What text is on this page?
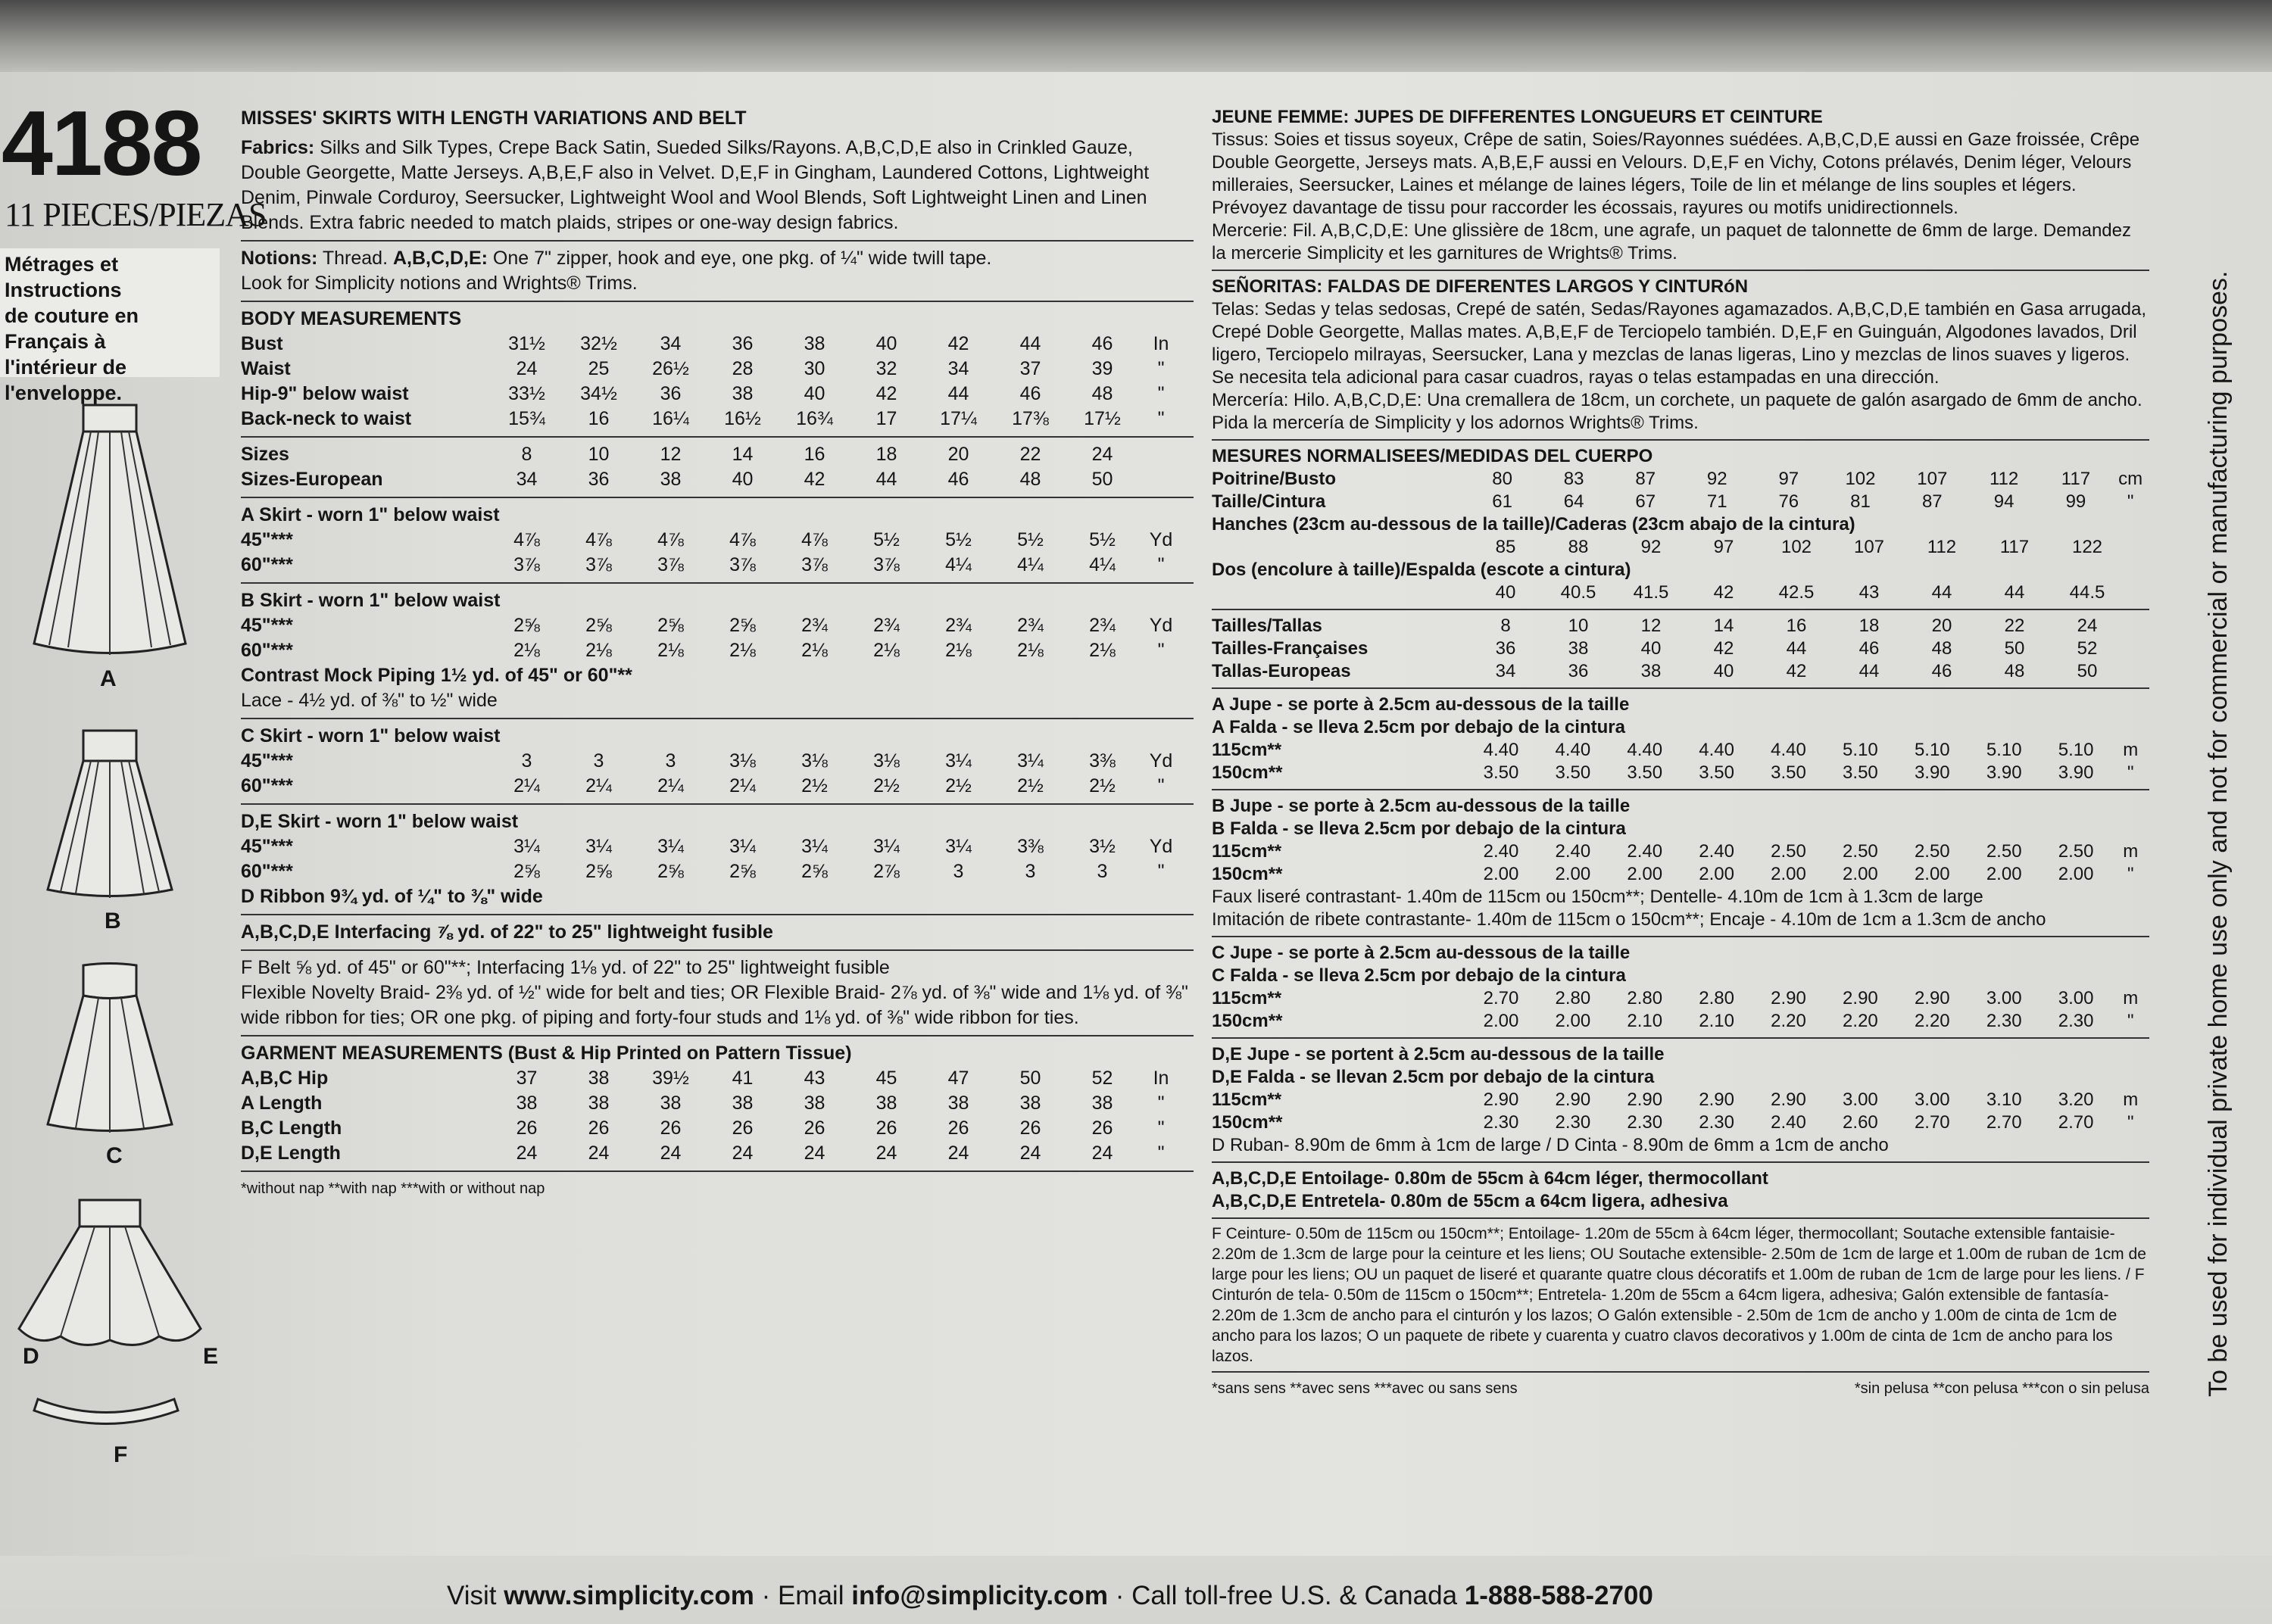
4188
11 PIECES/PIEZAS
Métrages et Instructions
de couture en Français à
l'intérieur de
l'enveloppe.
A
B
C
D	E
F
MISSES' SKIRTS WITH LENGTH VARIATIONS AND BELT
Fabrics: Silks and Silk Types, Crepe Back Satin, Sueded Silks/Rayons. A,B,C,D,E also in Crinkled Gauze, Double Georgette, Matte Jerseys. A,B,E,F also in Velvet. D,E,F in Gingham, Laundered Cottons, Lightweight Denim, Pinwale Corduroy, Seersucker, Lightweight Wool and Wool Blends, Soft Lightweight Linen and Linen Blends. Extra fabric needed to match plaids, stripes or one-way design fabrics.
Notions: Thread. A,B,C,D,E: One 7" zipper, hook and eye, one pkg. of ¼" wide twill tape.
Look for Simplicity notions and Wrights® Trims.
BODY MEASUREMENTS
Bust	31½	32½	34	36	38	40	42	44	46	In
Waist	24	25	26½	28	30	32	34	37	39	"
Hip-9" below waist	33½	34½	36	38	40	42	44	46	48	"
Back-neck to waist	15¾	16	16¼	16½	16¾	17	17¼	17⅜	17½	"
Sizes	8	10	12	14	16	18	20	22	24	
Sizes-European	34	36	38	40	42	44	46	48	50	
A Skirt - worn 1" below waist
45"***	4⅞	4⅞	4⅞	4⅞	4⅞	5½	5½	5½	5½	Yd
60"***	3⅞	3⅞	3⅞	3⅞	3⅞	3⅞	4¼	4¼	4¼	"
B Skirt - worn 1" below waist
45"***	2⅝	2⅝	2⅝	2⅝	2¾	2¾	2¾	2¾	2¾	Yd
60"***	2⅛	2⅛	2⅛	2⅛	2⅛	2⅛	2⅛	2⅛	2⅛	"
Contrast Mock Piping 1½ yd. of 45" or 60"**
Lace - 4½ yd. of ⅜" to ½" wide
C Skirt - worn 1" below waist
45"***	3	3	3	3⅛	3⅛	3⅛	3¼	3¼	3⅜	Yd
60"***	2¼	2¼	2¼	2¼	2½	2½	2½	2½	2½	"
D,E Skirt - worn 1" below waist
45"***	3¼	3¼	3¼	3¼	3¼	3¼	3¼	3⅜	3½	Yd
60"***	2⅝	2⅝	2⅝	2⅝	2⅝	2⅞	3	3	3	"
D Ribbon 9¾ yd. of ¼" to ⅜" wide
A,B,C,D,E Interfacing ⅞ yd. of 22" to 25" lightweight fusible
F Belt ⅝ yd. of 45" or 60"**; Interfacing 1⅛ yd. of 22" to 25" lightweight fusible
Flexible Novelty Braid- 2⅜ yd. of ½" wide for belt and ties; OR Flexible Braid- 2⅞ yd. of ⅜" wide and 1⅛ yd. of ⅜" wide ribbon for ties; OR one pkg. of piping and forty-four studs and 1⅛ yd. of ⅜" wide ribbon for ties.
GARMENT MEASUREMENTS (Bust & Hip Printed on Pattern Tissue)
A,B,C Hip	37	38	39½	41	43	45	47	50	52	In
A Length	38	38	38	38	38	38	38	38	38	"
B,C Length	26	26	26	26	26	26	26	26	26	"
D,E Length	24	24	24	24	24	24	24	24	24	"
*without nap **with nap ***with or without nap
JEUNE FEMME: JUPES DE DIFFERENTES LONGUEURS ET CEINTURE
Tissus: Soies et tissus soyeux, Crêpe de satin, Soies/Rayonnes suédées. A,B,C,D,E aussi en Gaze froissée, Crêpe Double Georgette, Jerseys mats. A,B,E,F aussi en Velours. D,E,F en Vichy, Cotons prélavés, Denim léger, Velours milleraies, Seersucker, Laines et mélange de laines légers, Toile de lin et mélange de lins souples et légers. Prévoyez davantage de tissu pour raccorder les écossais, rayures ou motifs unidirectionnels.
Mercerie: Fil. A,B,C,D,E: Une glissière de 18cm, une agrafe, un paquet de talonnette de 6mm de large. Demandez la mercerie Simplicity et les garnitures de Wrights® Trims.
SEÑORITAS: FALDAS DE DIFERENTES LARGOS Y CINTURóN
Telas: Sedas y telas sedosas, Crepé de satén, Sedas/Rayones agamazados. A,B,C,D,E también en Gasa arrugada, Crepé Doble Georgette, Mallas mates. A,B,E,F de Terciopelo también. D,E,F en Guinguán, Algodones lavados, Dril ligero, Terciopelo milrayas, Seersucker, Lana y mezclas de lanas ligeras, Lino y mezclas de linos suaves y ligeros. Se necesita tela adicional para casar cuadros, rayas o telas estampadas en una dirección.
Mercería: Hilo. A,B,C,D,E: Una cremallera de 18cm, un corchete, un paquete de galón asargado de 6mm de ancho. Pida la mercería de Simplicity y los adornos Wrights® Trims.
MESURES NORMALISEES/MEDIDAS DEL CUERPO
Poitrine/Busto	80	83	87	92	97	102	107	112	117	cm
Taille/Cintura	61	64	67	71	76	81	87	94	99	"
Hanches (23cm au-dessous de la taille)/Caderas (23cm abajo de la cintura)
	85	88	92	97	102	107	112	117	122
Dos (encolure à taille)/Espalda (escote a cintura)
	40	40.5	41.5	42	42.5	43	44	44	44.5
Tailles/Tallas	8	10	12	14	16	18	20	22	24
Tailles-Françaises	36	38	40	42	44	46	48	50	52
Tallas-Europeas	34	36	38	40	42	44	46	48	50
A Jupe - se porte à 2.5cm au-dessous de la taille
A Falda - se lleva 2.5cm por debajo de la cintura
115cm**	4.40	4.40	4.40	4.40	4.40	5.10	5.10	5.10	5.10	m
150cm**	3.50	3.50	3.50	3.50	3.50	3.50	3.90	3.90	3.90	"
B Jupe - se porte à 2.5cm au-dessous de la taille
B Falda - se lleva 2.5cm por debajo de la cintura
115cm**	2.40	2.40	2.40	2.40	2.50	2.50	2.50	2.50	2.50	m
150cm**	2.00	2.00	2.00	2.00	2.00	2.00	2.00	2.00	2.00	"
Faux liseré contrastant- 1.40m de 115cm ou 150cm**; Dentelle- 4.10m de 1cm à 1.3cm de large
Imitación de ribete contrastante- 1.40m de 115cm o 150cm**; Encaje - 4.10m de 1cm a 1.3cm de ancho
C Jupe - se porte à 2.5cm au-dessous de la taille
C Falda - se lleva 2.5cm por debajo de la cintura
115cm**	2.70	2.80	2.80	2.80	2.90	2.90	2.90	3.00	3.00	m
150cm**	2.00	2.00	2.10	2.10	2.20	2.20	2.20	2.30	2.30	"
D,E Jupe - se portent à 2.5cm au-dessous de la taille
D,E Falda - se llevan 2.5cm por debajo de la cintura
115cm**	2.90	2.90	2.90	2.90	2.90	3.00	3.00	3.10	3.20	m
150cm**	2.30	2.30	2.30	2.30	2.40	2.60	2.70	2.70	2.70	"
D Ruban- 8.90m de 6mm à 1cm de large / D Cinta - 8.90m de 6mm a 1cm de ancho
A,B,C,D,E Entoilage- 0.80m de 55cm à 64cm léger, thermocollant
A,B,C,D,E Entretela- 0.80m de 55cm a 64cm ligera, adhesiva
F Ceinture- 0.50m de 115cm ou 150cm**; Entoilage- 1.20m de 55cm à 64cm léger, thermocollant; Soutache extensible fantaisie- 2.20m de 1.3cm de large pour la ceinture et les liens; OU Soutache extensible- 2.50m de 1cm de large et 1.00m de ruban de 1cm de large pour les liens; OU un paquet de liseré et quarante quatre clous décoratifs et 1.00m de ruban de 1cm de large pour les liens. / F Cinturón de tela- 0.50m de 115cm o 150cm**; Entretela- 1.20m de 55cm a 64cm ligera, adhesiva; Galón extensible de fantasía- 2.20m de 1.3cm de ancho para el cinturón y los lazos; O Galón extensible - 2.50m de 1cm de ancho y 1.00m de cinta de 1cm de ancho para los lazos; O un paquete de ribete y cuarenta y cuatro clavos decorativos y 1.00m de cinta de 1cm de ancho para los lazos.
*sans sens **avec sens ***avec ou sans sens	*sin pelusa **con pelusa ***con o sin pelusa To be used for individual private home use only and not for commercial or manufacturing purposes.
Visit www.simplicity.com · Email info@simplicity.com · Call toll-free U.S. & Canada 1-888-588-2700
